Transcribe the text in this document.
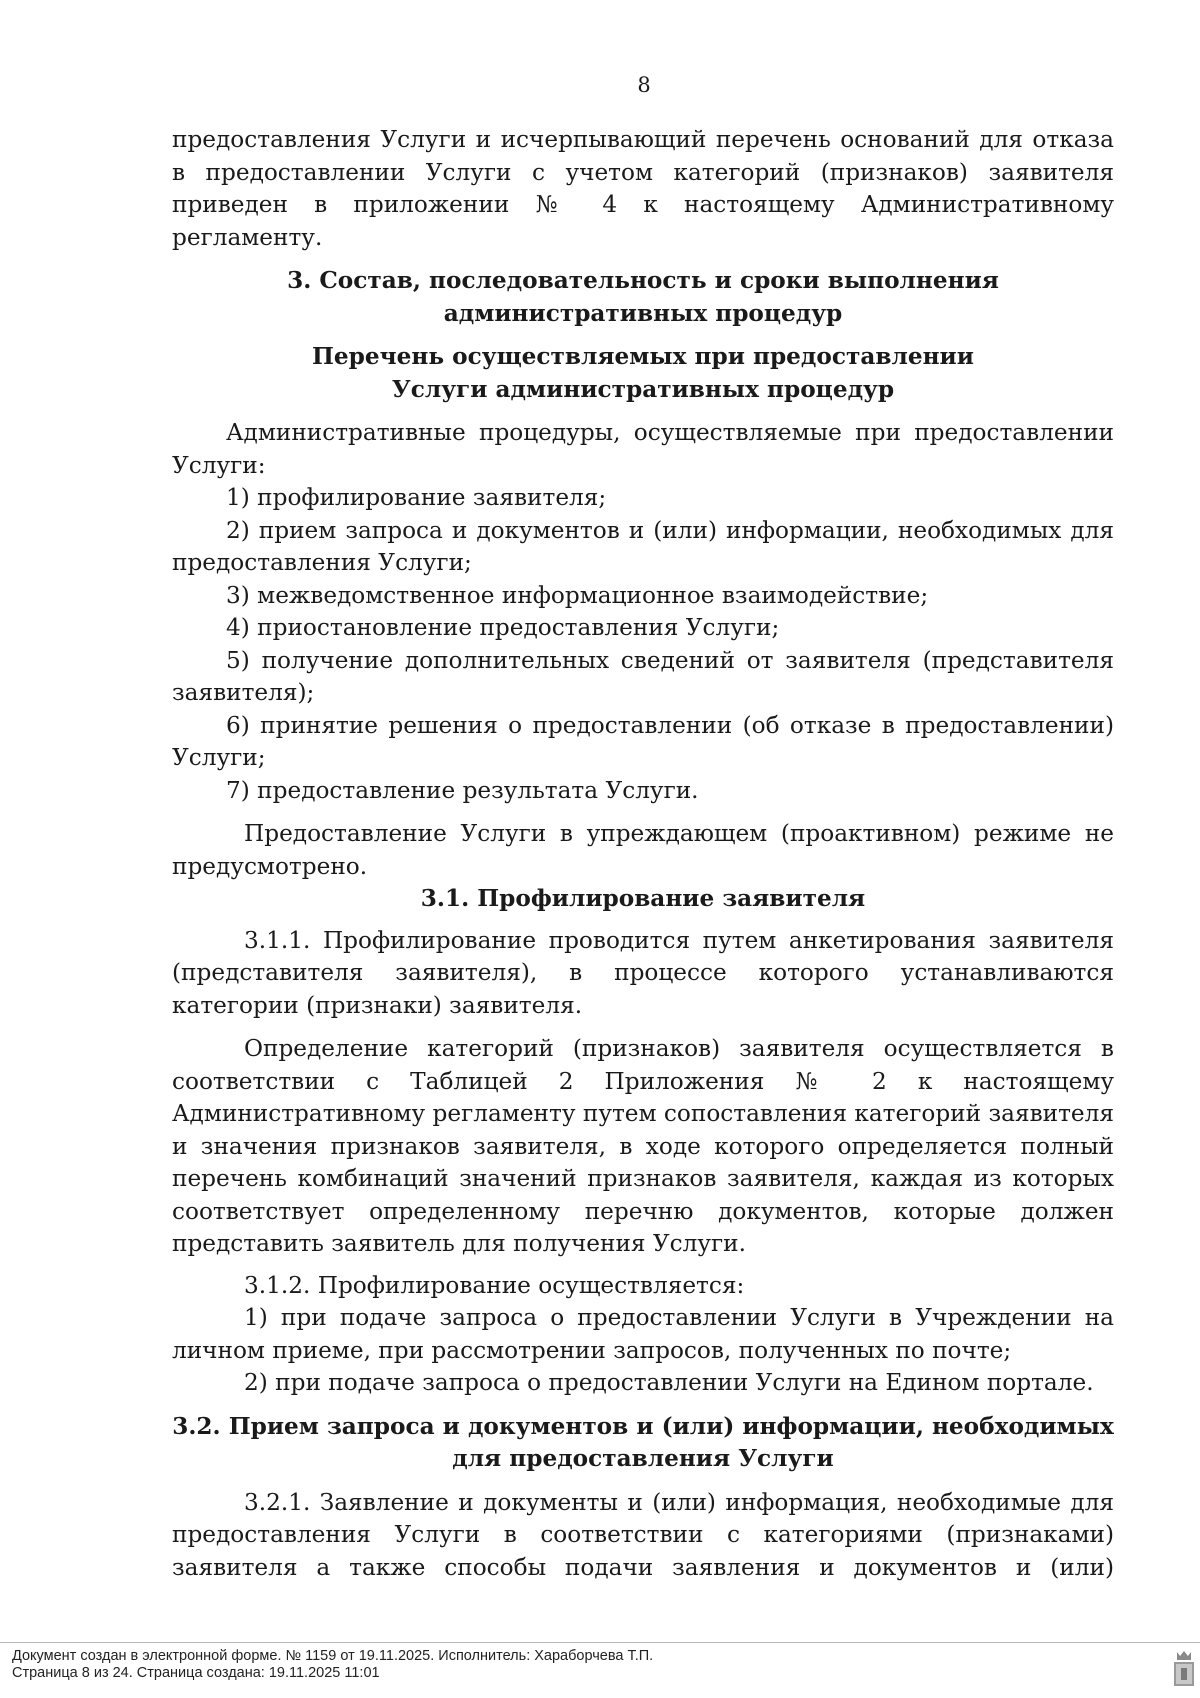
8

предоставления Услуги и исчерпывающий перечень оснований для отказа в предоставлении Услуги с учетом категорий (признаков) заявителя приведен в приложении № 4 к настоящему Административному регламенту.

3. Состав, последовательность и сроки выполнения административных процедур

Перечень осуществляемых при предоставлении Услуги административных процедур

Административные процедуры, осуществляемые при предоставлении Услуги:

1) профилирование заявителя;

2) прием запроса и документов и (или) информации, необходимых для предоставления Услуги;

3) межведомственное информационное взаимодействие;

4) приостановление предоставления Услуги;

5) получение дополнительных сведений от заявителя (представителя заявителя);

6) принятие решения о предоставлении (об отказе в предоставлении) Услуги;

7) предоставление результата Услуги.

Предоставление Услуги в упреждающем (проактивном) режиме не предусмотрено.

3.1. Профилирование заявителя

3.1.1. Профилирование проводится путем анкетирования заявителя (представителя заявителя), в процессе которого устанавливаются категории (признаки) заявителя.

Определение категорий (признаков) заявителя осуществляется в соответствии с Таблицей 2 Приложения № 2 к настоящему Административному регламенту путем сопоставления категорий заявителя и значения признаков заявителя, в ходе которого определяется полный перечень комбинаций значений признаков заявителя, каждая из которых соответствует определенному перечню документов, которые должен представить заявитель для получения Услуги.

3.1.2. Профилирование осуществляется:

1) при подаче запроса о предоставлении Услуги в Учреждении на личном приеме, при рассмотрении запросов, полученных по почте;

2) при подаче запроса о предоставлении Услуги на Едином портале.

3.2. Прием запроса и документов и (или) информации, необходимых для предоставления Услуги

3.2.1. Заявление и документы и (или) информация, необходимые для предоставления Услуги в соответствии с категориями (признаками) заявителя а также способы подачи заявления и документов и (или)

Документ создан в электронной форме. № 1159 от 19.11.2025. Исполнитель: Хараборчева Т.П.
Страница 8 из 24. Страница создана: 19.11.2025 11:01
